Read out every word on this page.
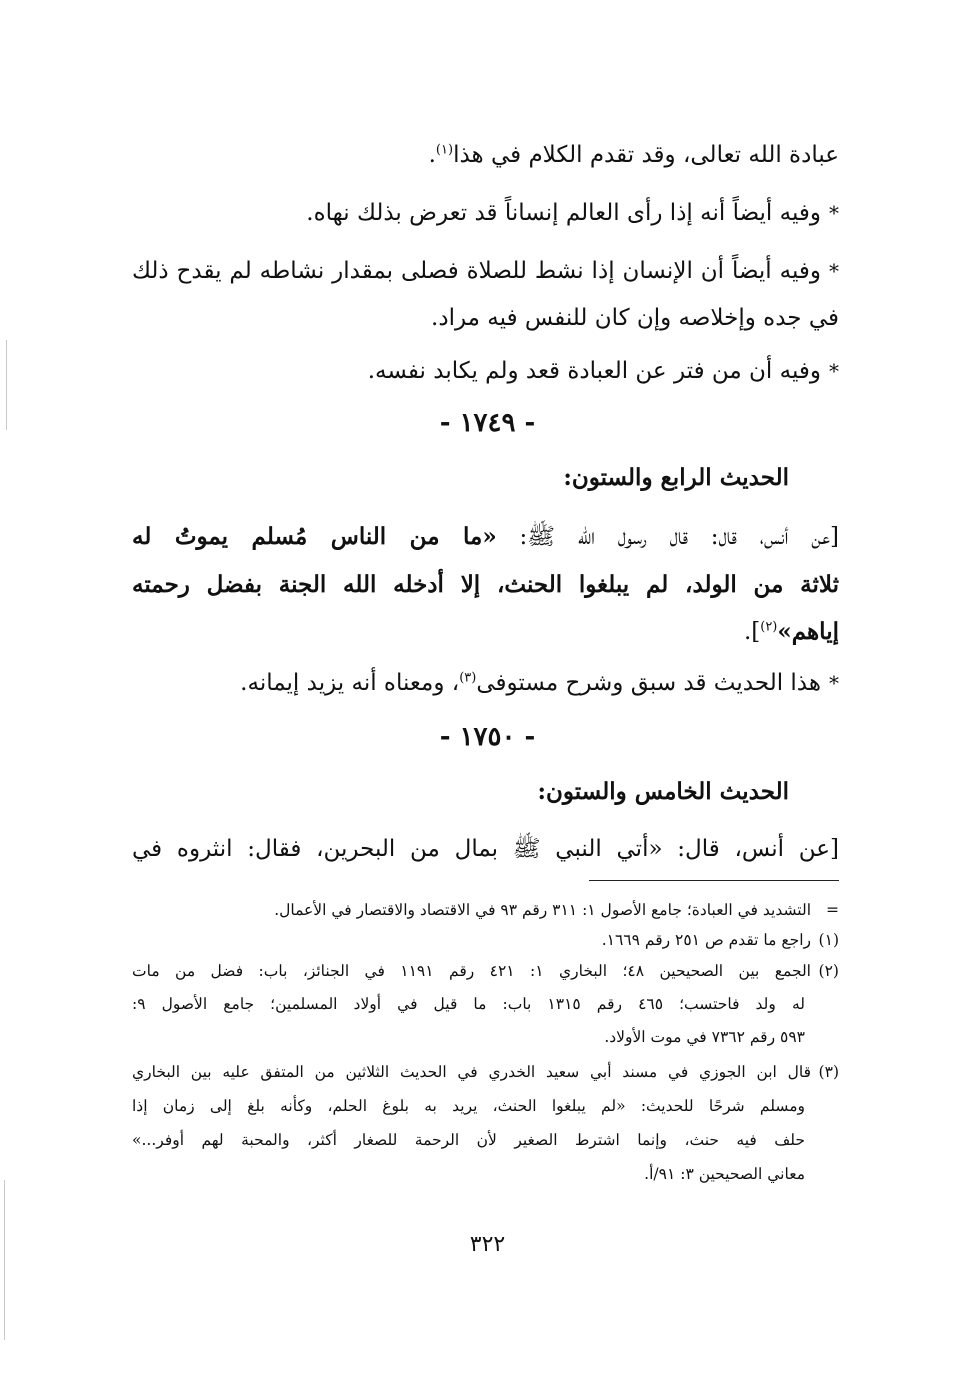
عبادة الله تعالى، وقد تقدم الكلام في هذا$^{(١)}$.
*وفيه أيضاً أنه إذا رأى العالم إنساناً قد تعرض بذلك نهاه.
*وفيه أيضاً أن الإنسان إذا نشط للصلاة فصلى بمقدار نشاطه لم يقدح ذلك
في جده وإخلاصه وإن كان للنفس فيه مراد.
*وفيه أن من فتر عن العبادة قعد ولم يكابد نفسه.
- ١٧٤٩ -
الحديث الرابع والستون:
[عن أنس، قال: قال رسول الله ﷺ: «ما من الناس مُسلم يموتُ له
ثلاثة من الولد، لم يبلغوا الحنث، إلا أدخله الله الجنة بفضل رحمته
إياهم»$^{(٢)}$].
*هذا الحديث قد سبق وشرح مستوفى$^{(٣)}$، ومعناه أنه يزيد إيمانه.
- ١٧٥٠ -
الحديث الخامس والستون:
[عن أنس، قال: «أتي النبي ﷺ بمال من البحرين، فقال: انثروه في
=التشديد في العبادة؛ جامع الأصول ١: ٣١١ رقم ٩٣ في الاقتصاد والاقتصار في الأعمال.
(١)راجع ما تقدم ص ٢٥١ رقم ١٦٦٩.
(٢)الجمع بين الصحيحين ٤٨؛ البخاري ١: ٤٢١ رقم ١١٩١ في الجنائز، باب: فضل من مات
له ولد فاحتسب؛ ٤٦٥ رقم ١٣١٥ باب: ما قيل في أولاد المسلمين؛ جامع الأصول ٩:
٥٩٣ رقم ٧٣٦٢ في موت الأولاد.
(٣)قال ابن الجوزي في مسند أبي سعيد الخدري في الحديث الثلاثين من المتفق عليه بين البخاري
ومسلم شرحًا للحديث: «لم يبلغوا الحنث، يريد به بلوغ الحلم، وكأنه بلغ إلى زمان إذا
حلف فيه حنث، وإنما اشترط الصغير لأن الرحمة للصغار أكثر، والمحبة لهم أوفر...»
معاني الصحيحين ٣: ٩١/أ.
٣٢٢
